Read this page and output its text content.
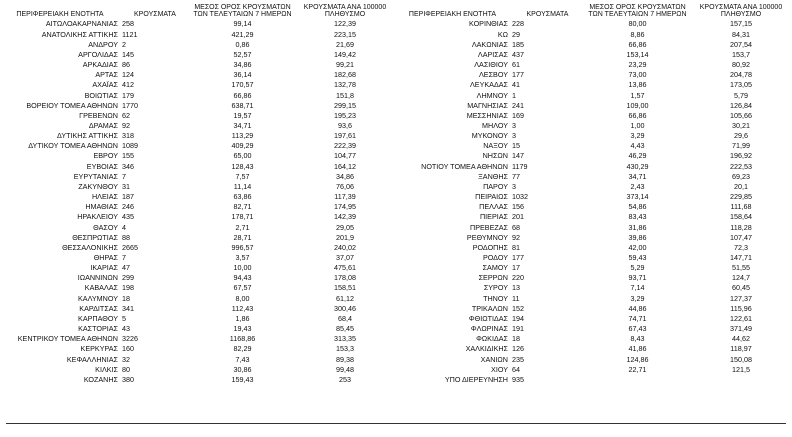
ΠΕΡΙΦΕΡΕΙΑΚΗ ΕΝΟΤΗΤΑ	ΚΡΟΥΣΜΑΤΑ	ΜΕΣΟΣ ΟΡΟΣ ΚΡΟΥΣΜΑΤΩΝ ΤΩΝ ΤΕΛΕΥΤΑΙΩΝ 7 ΗΜΕΡΩΝ	ΚΡΟΥΣΜΑΤΑ ΑΝΑ 100000 ΠΛΗΘΥΣΜΟ	ΠΕΡΙΦΕΡΕΙΑΚΗ ΕΝΟΤΗΤΑ	ΚΡΟΥΣΜΑΤΑ	ΜΕΣΟΣ ΟΡΟΣ ΚΡΟΥΣΜΑΤΩΝ ΤΩΝ ΤΕΛΕΥΤΑΙΩΝ 7 ΗΜΕΡΩΝ	ΚΡΟΥΣΜΑΤΑ ΑΝΑ 100000 ΠΛΗΘΥΣΜΟ
ΑΙΤΩΛΟΑΚΑΡΝΑΝΙΑΣ	258	99,14	122,39	ΚΟΡΙΝΘΙΑΣ	228	80,00	157,15
ΑΝΑΤΟΛΙΚΗΣ ΑΤΤΙΚΗΣ	1121	421,29	223,15	ΚΩ	29	8,86	84,31
ΑΝΔΡΟΥ	2	0,86	21,69	ΛΑΚΩΝΙΑΣ	185	66,86	207,54
ΑΡΓΟΛΙΔΑΣ	145	52,57	149,42	ΛΑΡΙΣΑΣ	437	153,14	153,7
ΑΡΚΑΔΙΑΣ	86	34,86	99,21	ΛΑΣΙΘΙΟΥ	61	23,29	80,92
ΑΡΤΑΣ	124	36,14	182,68	ΛΕΣΒΟΥ	177	73,00	204,78
ΑΧΑΪΑΣ	412	170,57	132,78	ΛΕΥΚΑΔΑΣ	41	13,86	173,05
ΒΟΙΩΤΙΑΣ	179	66,86	151,8	ΛΗΜΝΟΥ	1	1,57	5,79
ΒΟΡΕΙΟΥ ΤΟΜΕΑ ΑΘΗΝΩΝ	1770	638,71	299,15	ΜΑΓΝΗΣΙΑΣ	241	109,00	126,84
ΓΡΕΒΕΝΩΝ	62	19,57	195,23	ΜΕΣΣΗΝΙΑΣ	169	66,86	105,66
ΔΡΑΜΑΣ	92	34,71	93,6	ΜΗΛΟΥ	3	1,00	30,21
ΔΥΤΙΚΗΣ ΑΤΤΙΚΗΣ	318	113,29	197,61	ΜΥΚΟΝΟΥ	3	3,29	29,6
ΔΥΤΙΚΟΥ ΤΟΜΕΑ ΑΘΗΝΩΝ	1089	409,29	222,39	ΝΑΞΟΥ	15	4,43	71,99
ΕΒΡΟΥ	155	65,00	104,77	ΝΗΣΩΝ	147	46,29	196,92
ΕΥΒΟΙΑΣ	346	128,43	164,12	ΝΟΤΙΟΥ ΤΟΜΕΑ ΑΘΗΝΩΝ	1179	430,29	222,53
ΕΥΡΥΤΑΝΙΑΣ	7	7,57	34,86	ΞΑΝΘΗΣ	77	34,71	69,23
ΖΑΚΥΝΘΟΥ	31	11,14	76,06	ΠΑΡΟΥ	3	2,43	20,1
ΗΛΕΙΑΣ	187	63,86	117,39	ΠΕΙΡΑΙΩΣ	1032	373,14	229,85
ΗΜΑΘΙΑΣ	246	82,71	174,95	ΠΕΛΛΑΣ	156	54,86	111,68
ΗΡΑΚΛΕΙΟΥ	435	178,71	142,39	ΠΙΕΡΙΑΣ	201	83,43	158,64
ΘΑΣΟΥ	4	2,71	29,05	ΠΡΕΒΕΖΑΣ	68	31,86	118,28
ΘΕΣΠΡΩΤΙΑΣ	88	28,71	201,9	ΡΕΘΥΜΝΟΥ	92	39,86	107,47
ΘΕΣΣΑΛΟΝΙΚΗΣ	2665	996,57	240,02	ΡΟΔΟΠΗΣ	81	42,00	72,3
ΘΗΡΑΣ	7	3,57	37,07	ΡΟΔΟΥ	177	59,43	147,71
ΙΚΑΡΙΑΣ	47	10,00	475,61	ΣΑΜΟΥ	17	5,29	51,55
ΙΩΑΝΝΙΝΩΝ	299	94,43	178,08	ΣΕΡΡΩΝ	220	93,71	124,7
ΚΑΒΑΛΑΣ	198	67,57	158,51	ΣΥΡΟΥ	13	7,14	60,45
ΚΑΛΥΜΝΟΥ	18	8,00	61,12	ΤΗΝΟΥ	11	3,29	127,37
ΚΑΡΔΙΤΣΑΣ	341	112,43	300,46	ΤΡΙΚΑΛΩΝ	152	44,86	115,96
ΚΑΡΠΑΘΟΥ	5	1,86	68,4	ΦΘΙΩΤΙΔΑΣ	194	74,71	122,61
ΚΑΣΤΟΡΙΑΣ	43	19,43	85,45	ΦΛΩΡΙΝΑΣ	191	67,43	371,49
ΚΕΝΤΡΙΚΟΥ ΤΟΜΕΑ ΑΘΗΝΩΝ	3226	1168,86	313,35	ΦΩΚΙΔΑΣ	18	8,43	44,62
ΚΕΡΚΥΡΑΣ	160	82,29	153,3	ΧΑΛΚΙΔΙΚΗΣ	126	41,86	118,97
ΚΕΦΑΛΛΗΝΙΑΣ	32	7,43	89,38	ΧΑΝΙΩΝ	235	124,86	150,08
ΚΙΛΚΙΣ	80	30,86	99,48	ΧΙΟΥ	64	22,71	121,5
ΚΟΖΑΝΗΣ	380	159,43	253	ΥΠΟ ΔΙΕΡΕΥΝΗΣΗ	935		
